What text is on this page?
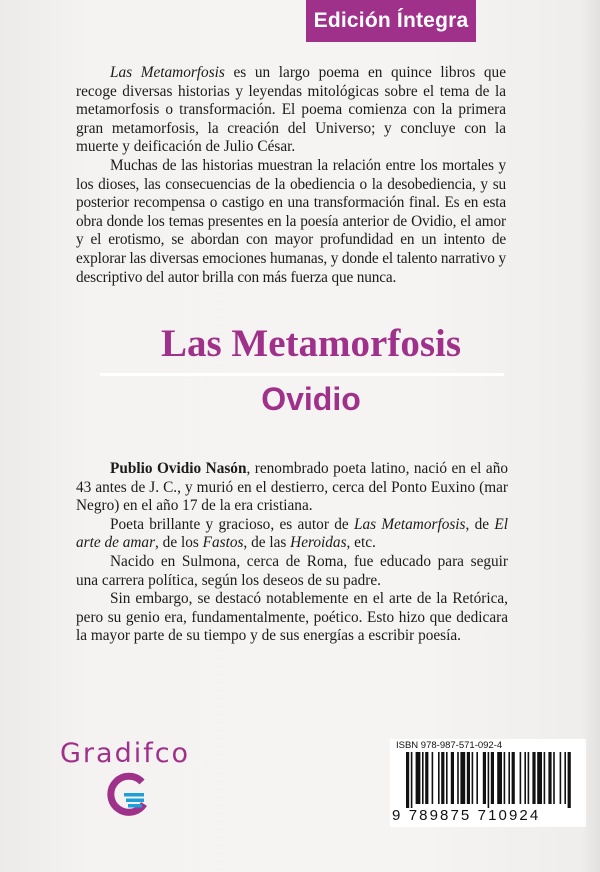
Edición Íntegra

Las Metamorfosis es un largo poema en quince libros que recoge diversas historias y leyendas mitológicas sobre el tema de la metamorfosis o transformación. El poema comienza con la primera gran metamorfosis, la creación del Universo; y concluye con la muerte y deificación de Julio César.

Muchas de las historias muestran la relación entre los mortales y los dioses, las consecuencias de la obediencia o la desobediencia, y su posterior recompensa o castigo en una transformación final. Es en esta obra donde los temas presentes en la poesía anterior de Ovidio, el amor y el erotismo, se abordan con mayor profundidad en un intento de explorar las diversas emociones humanas, y donde el talento narrativo y descriptivo del autor brilla con más fuerza que nunca.

Las Metamorfosis
Ovidio

Publio Ovidio Nasón, renombrado poeta latino, nació en el año 43 antes de J. C., y murió en el destierro, cerca del Ponto Euxino (mar Negro) en el año 17 de la era cristiana.

Poeta brillante y gracioso, es autor de Las Metamorfosis, de El arte de amar, de los Fastos, de las Heroidas, etc.

Nacido en Sulmona, cerca de Roma, fue educado para seguir una carrera política, según los deseos de su padre.

Sin embargo, se destacó notablemente en el arte de la Retórica, pero su genio era, fundamentalmente, poético. Esto hizo que dedicara la mayor parte de su tiempo y de sus energías a escribir poesía.

Gradifco	ISBN 978-987-571-092-4
9 789875 710924
